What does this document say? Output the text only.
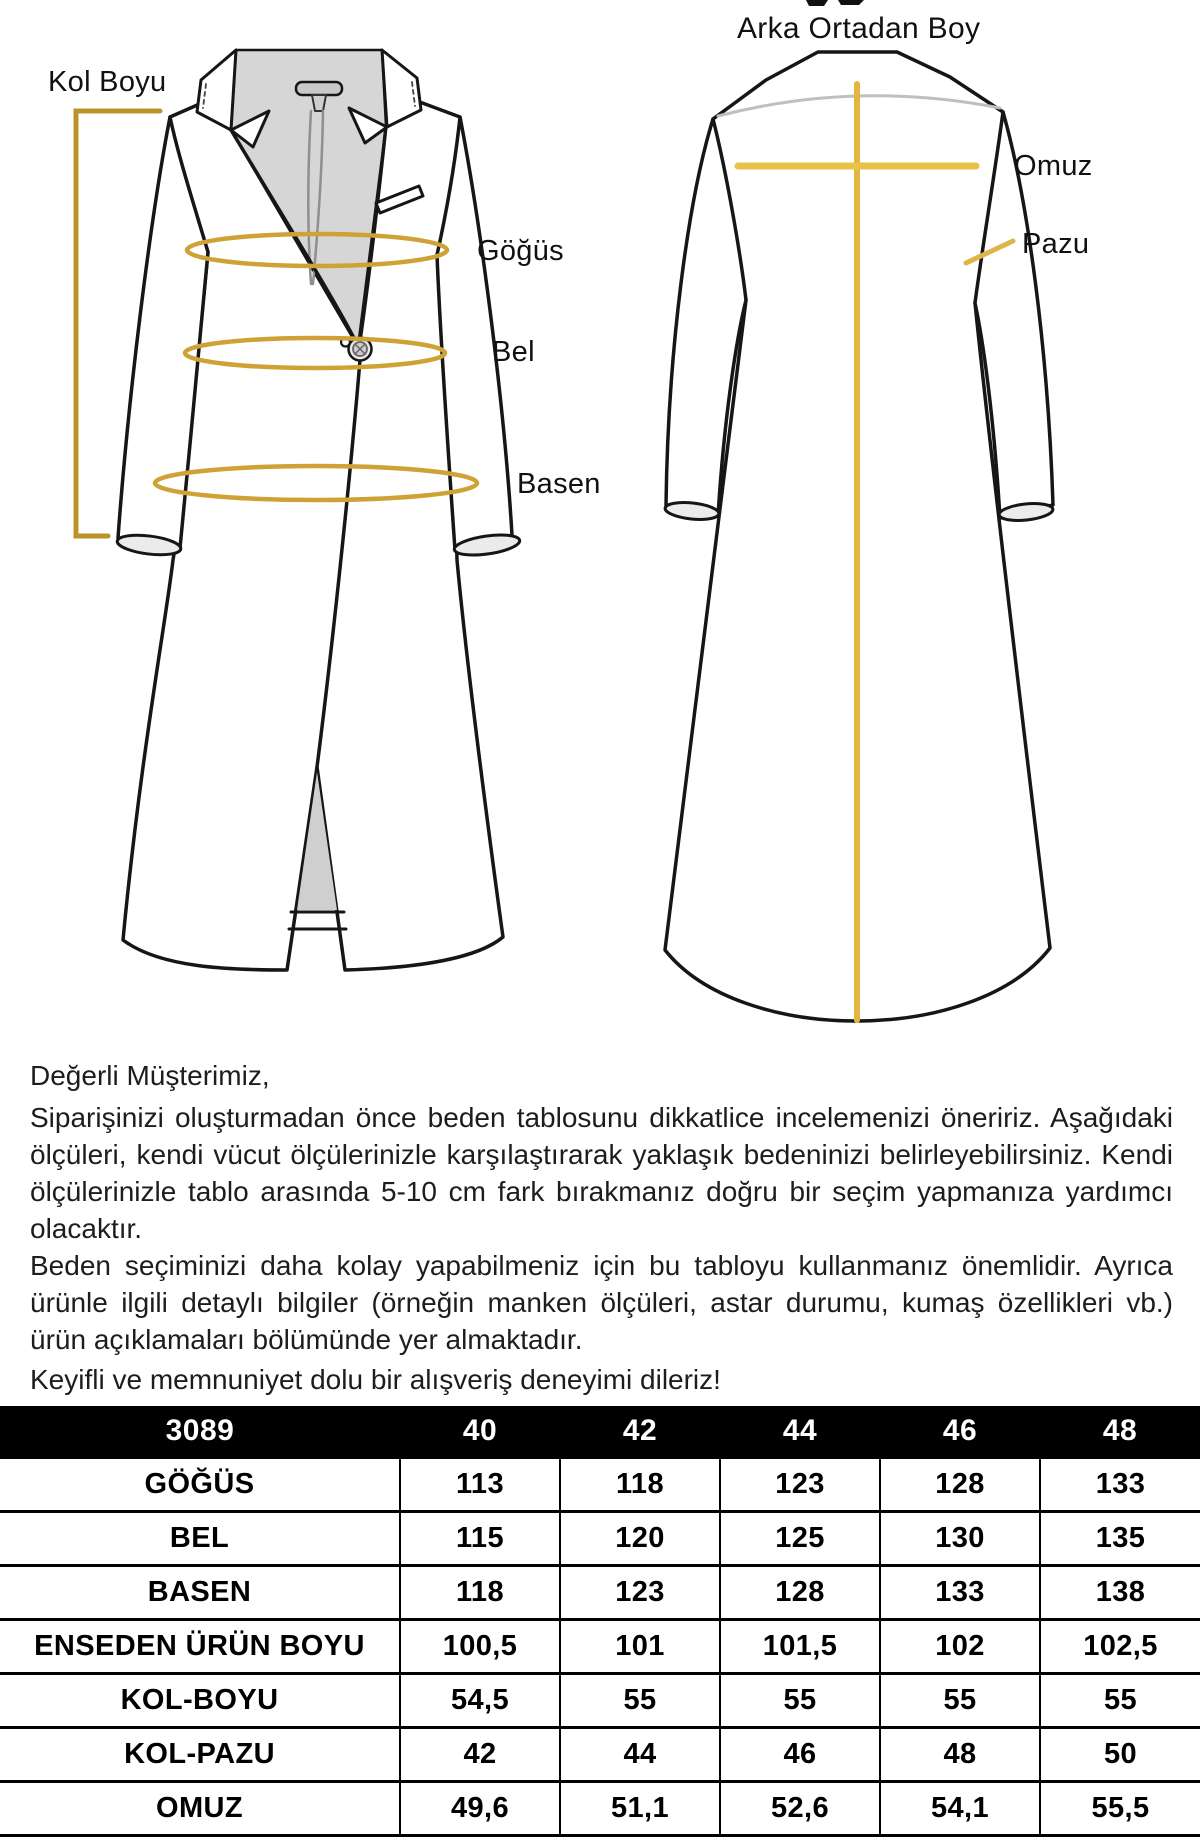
Kol Boyu
Arka Ortadan Boy
Göğüs
Bel
Basen
Omuz
Pazu
Değerli Müşterimiz,

Siparişinizi oluşturmadan önce beden tablosunu dikkatlice incelemenizi öneririz. Aşağıdaki ölçüleri, kendi vücut ölçülerinizle karşılaştırarak yaklaşık bedeninizi belirleyebilirsiniz. Kendi ölçülerinizle tablo arasında 5-10 cm fark bırakmanız doğru bir seçim yapmanıza yardımcı olacaktır.

Beden seçiminizi daha kolay yapabilmeniz için bu tabloyu kullanmanız önemlidir. Ayrıca ürünle ilgili detaylı bilgiler (örneğin manken ölçüleri, astar durumu, kumaş özellikleri vb.) ürün açıklamaları bölümünde yer almaktadır.

Keyifli ve memnuniyet dolu bir alışveriş deneyimi dileriz!
3089	40	42	44	46	48
GÖĞÜS	113	118	123	128	133
BEL	115	120	125	130	135
BASEN	118	123	128	133	138
ENSEDEN ÜRÜN BOYU	100,5	101	101,5	102	102,5
KOL-BOYU	54,5	55	55	55	55
KOL-PAZU	42	44	46	48	50
OMUZ	49,6	51,1	52,6	54,1	55,5
